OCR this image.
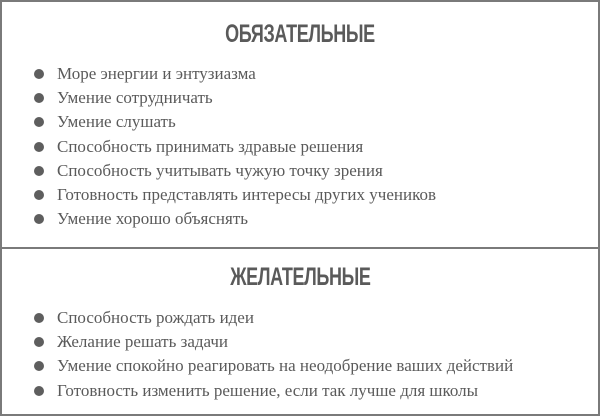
ОБЯЗАТЕЛЬНЫЕ
Море энергии и энтузиазма
Умение сотрудничать
Умение слушать
Способность принимать здравые решения
Способность учитывать чужую точку зрения
Готовность представлять интересы других учеников
Умение хорошо объяснять
ЖЕЛАТЕЛЬНЫЕ
Способность рождать идеи
Желание решать задачи
Умение спокойно реагировать на неодобрение ваших действий
Готовность изменить решение, если так лучше для школы
